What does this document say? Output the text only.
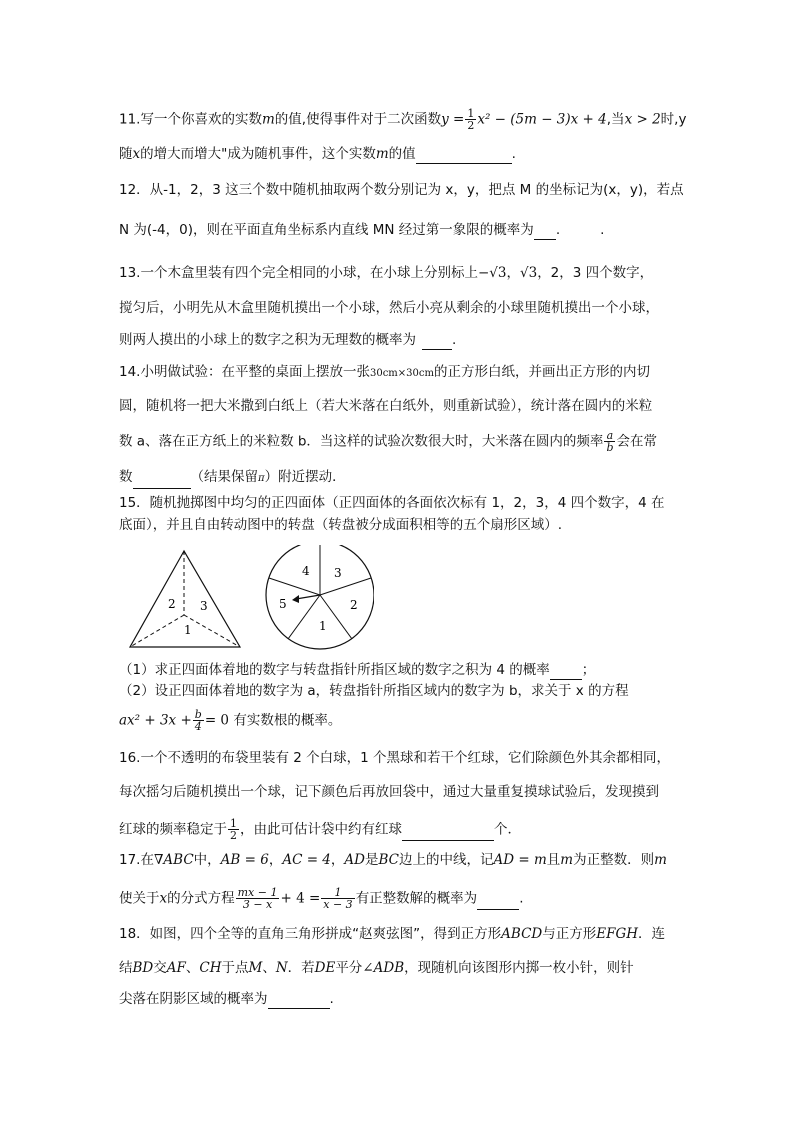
11.写一个你喜欢的实数m的值,使得事件对于二次函数$y = \frac{1}{2} x^2 - (5m - 3)x + 4$,当x > 2时,y
随x的增大而增大"成为随机事件，这个实数m的值	.
12．从-1，2，3 这三个数中随机抽取两个数分别记为 x，y，把点 M 的坐标记为(x，y)，若点
N 为(-4，0)，则在平面直角坐标系内直线 MN 经过第一象限的概率为 .	.
13.一个木盒里装有四个完全相同的小球，在小球上分别标上−√3，√3，2，3 四个数字，
搅匀后，小明先从木盒里随机摸出一个小球，然后小亮从剩余的小球里随机摸出一个小球，
则两人摸出的小球上的数字之积为无理数的概率为	.
14.小明做试验：在平整的桌面上摆放一张30cm×30cm的正方形白纸，并画出正方形的内切
圆，随机将一把大米撒到白纸上（若大米落在白纸外，则重新试验），统计落在圆内的米粒
数 a、落在正方纸上的米粒数 b．当这样的试验次数很大时，大米落在圆内的频率 $\frac{a}{b}$ 会在常
数	（结果保留π）附近摆动．
15．随机抛掷图中均匀的正四面体（正四面体的各面依次标有 1，2，3，4 四个数字，4 在
底面），并且自由转动图中的转盘（转盘被分成面积相等的五个扇形区域）.
2 3
1
4 3
2
1
5
（1）求正四面体着地的数字与转盘指针所指区域的数字之积为 4 的概率 ；
（2）设正四面体着地的数字为 a，转盘指针所指区域内的数字为 b，求关于 x 的方程
$ax^2 + 3x + \frac{b}{4} = 0$ 有实数根的概率。
16.一个不透明的布袋里装有 2 个白球，1 个黑球和若干个红球，它们除颜色外其余都相同，
每次摇匀后随机摸出一个球，记下颜色后再放回袋中，通过大量重复摸球试验后，发现摸到
红球的频率稳定于 $\frac{1}{2}$ ，由此可估计袋中约有红球	个．
17.在∇ABC中，AB = 6，AC = 4，AD是BC边上的中线，记AD = m且m为正整数．则m
使关于x的分式方程 $\frac{mx - 1}{3 - x} + 4 = \frac{1}{x - 3}$ 有正整数解的概率为	.
18．如图，四个全等的直角三角形拼成“赵爽弦图”，得到正方形ABCD与正方形EFGH．连
结BD交AF、CH于点M、N．若DE平分∠ADB，现随机向该图形内掷一枚小针，则针
尖落在阴影区域的概率为	.
